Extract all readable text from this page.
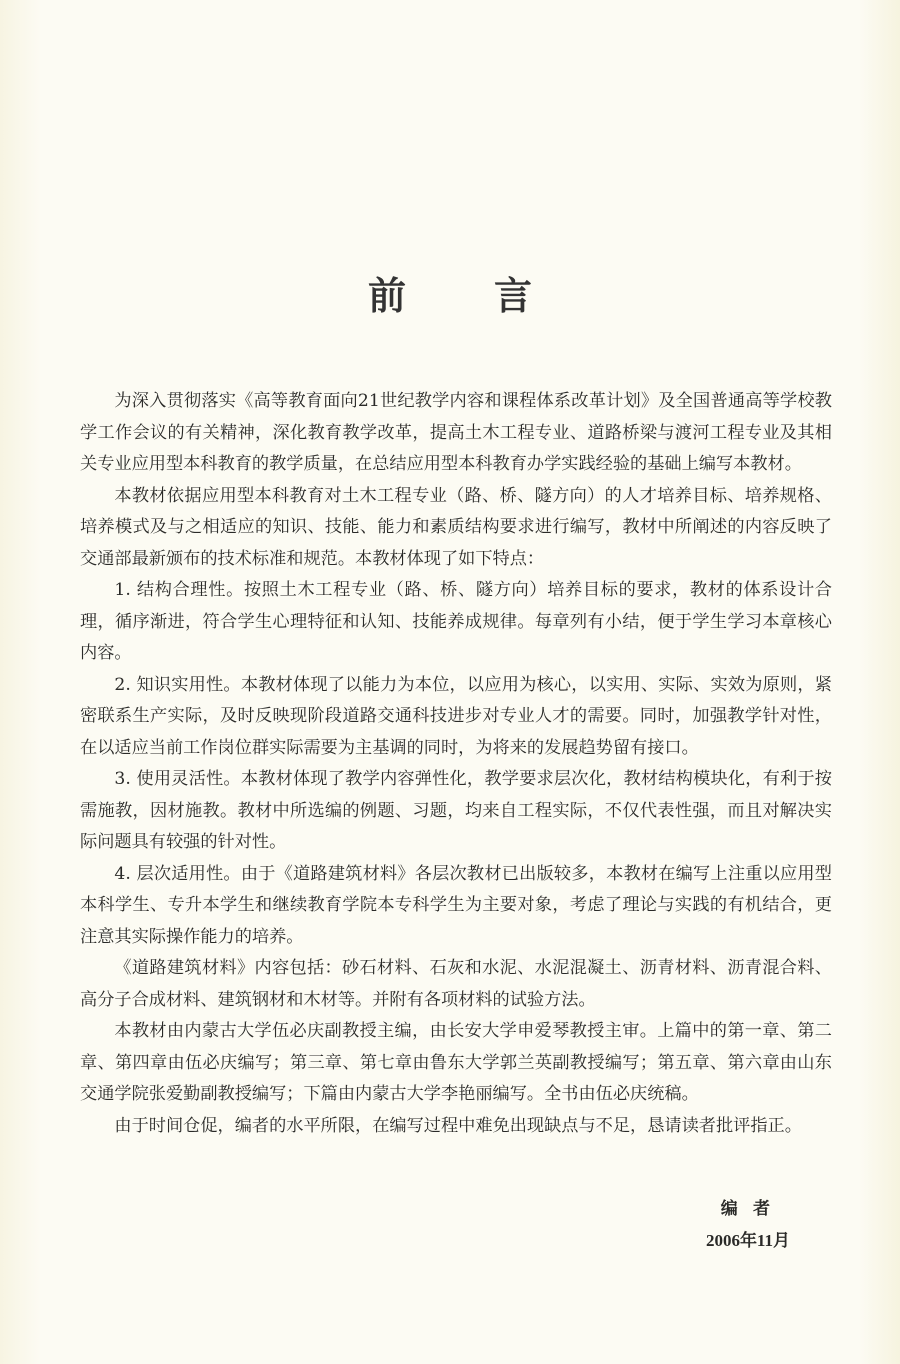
前 言

为深入贯彻落实《高等教育面向21世纪教学内容和课程体系改革计划》及全国普通高等学校教学工作会议的有关精神，深化教育教学改革，提高土木工程专业、道路桥梁与渡河工程专业及其相关专业应用型本科教育的教学质量，在总结应用型本科教育办学实践经验的基础上编写本教材。

本教材依据应用型本科教育对土木工程专业（路、桥、隧方向）的人才培养目标、培养规格、培养模式及与之相适应的知识、技能、能力和素质结构要求进行编写，教材中所阐述的内容反映了交通部最新颁布的技术标准和规范。本教材体现了如下特点：

1. 结构合理性。按照土木工程专业（路、桥、隧方向）培养目标的要求，教材的体系设计合理，循序渐进，符合学生心理特征和认知、技能养成规律。每章列有小结，便于学生学习本章核心内容。

2. 知识实用性。本教材体现了以能力为本位，以应用为核心，以实用、实际、实效为原则，紧密联系生产实际，及时反映现阶段道路交通科技进步对专业人才的需要。同时，加强教学针对性，在以适应当前工作岗位群实际需要为主基调的同时，为将来的发展趋势留有接口。

3. 使用灵活性。本教材体现了教学内容弹性化，教学要求层次化，教材结构模块化，有利于按需施教，因材施教。教材中所选编的例题、习题，均来自工程实际，不仅代表性强，而且对解决实际问题具有较强的针对性。

4. 层次适用性。由于《道路建筑材料》各层次教材已出版较多，本教材在编写上注重以应用型本科学生、专升本学生和继续教育学院本专科学生为主要对象，考虑了理论与实践的有机结合，更注意其实际操作能力的培养。

《道路建筑材料》内容包括：砂石材料、石灰和水泥、水泥混凝土、沥青材料、沥青混合料、高分子合成材料、建筑钢材和木材等。并附有各项材料的试验方法。

本教材由内蒙古大学伍必庆副教授主编，由长安大学申爱琴教授主审。上篇中的第一章、第二章、第四章由伍必庆编写；第三章、第七章由鲁东大学郭兰英副教授编写；第五章、第六章由山东交通学院张爱勤副教授编写；下篇由内蒙古大学李艳丽编写。全书由伍必庆统稿。

由于时间仓促，编者的水平所限，在编写过程中难免出现缺点与不足，恳请读者批评指正。

编者
2006年11月
